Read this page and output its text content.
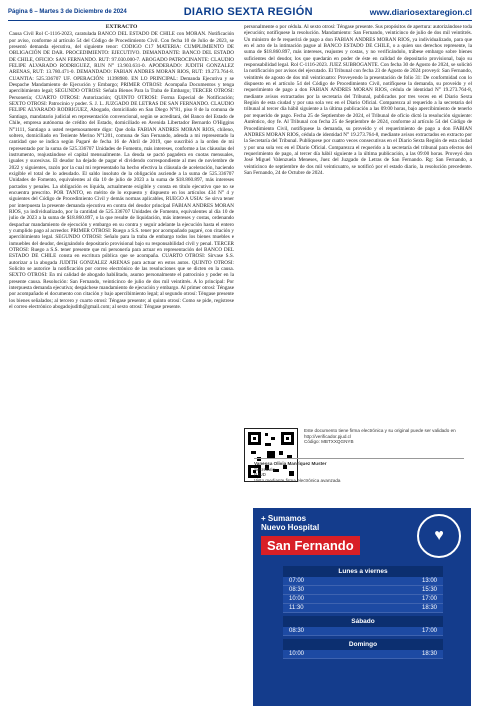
Página 6 – Martes 3 de Diciembre de 2024	DIARIO SEXTA REGIÓN	www.diariosextaregion.cl
EXTRACTO

Causa Civil Rol C-1116-2023, caratulada BANCO DEL ESTADO DE CHILE con MORAN. Notificación por aviso, conforme al artículo 54 del Código de Procedimiento Civil. Con fecha 10 de Julio de 2023, se presentó demanda ejecutiva, del siguiente tenor: CODIGO C17 MATERIA: CUMPLIMIENTO DE OBLIGACIÓN DE DAR. PROCEDIMIENTO: EJECUTIVO. DEMANDANTE: BANCO DEL ESTADO DE CHILE, OFICIO: SAN FERNANDO. RUT: 97.030.000-7. ABOGADO PATROCINANTE: CLAUDIO FELIPE ALVARADO RODRIGUEZ, RUN N° 13.903.631-0. APODERADO: JUDITH GONZALEZ ARENAS, RUT: 13.780.471-0. DEMANDADO: FABIAN ANDRES MORAN RIOS, RUT: 19.273.764-8. CUANTIA: 525.336707 UF. OPERACIÓN: 11398980. EN LO PRINCIPAL: Demanda Ejecutiva y se Despache Mandamiento de Ejecución y Embargo; PRIMER OTROSI: Acompaña Documentos y tenga apercibimiento legal; SEGUNDO OTROSI: Señala Bienes Para la Traba de Embargo; TERCER OTROSI: Personería; CUARTO OTROSI: Autorización; QUINTO OTROSI: Forma Especial de Notificación; SEXTO OTROSI: Patrocinio y poder. S. J. L. JUZGADO DE LETRAS DE SAN FERNANDO. CLAUDIO FELIPE ALVARADO RODRIGUEZ, Abogado, domiciliado en San Diego N°81, piso 8 de la comuna de Santiago, mandatario judicial en representación convencional, según se acreditará, del Banco del Estado de Chile, empresa autónoma de crédito del Estado, domiciliado en Avenida Libertador Bernardo O'Higgins N°1111, Santiago a usted respetuosamente digo: Que doña FABIAN ANDRES MORAN RIOS, chileno, soltero, domiciliado en Teniente Merino N°1201, comuna de San Fernando, adeuda a mi representado la cantidad que se indica según Pagaré de fecha 16 de Abril de 2019, que suscribió a la orden de mi representado por la suma de 525.336707 Unidades de Fomento, más intereses, conforme a las cláusulas del instrumento, reajustándose el capital mensualmente. La deuda se pactó pagadera en cuotas mensuales, iguales y sucesivas. El deudor ha dejado de pagar el dividendo correspondiente al mes de noviembre de 2022 y siguientes, razón por la cual mi representado ha hecho efectiva la cláusula de aceleración, haciendo exigible el total de lo adeudado. El saldo insoluto de la obligación asciende a la suma de 525.336707 Unidades de Fomento, equivalentes al día 10 de julio de 2023 a la suma de $18.860.897, más intereses pactados y penales. La obligación es líquida, actualmente exigible y consta en título ejecutivo que no se encuentra prescrito. POR TANTO, en mérito de lo expuesto y dispuesto en los artículos 434 N° 4 y siguientes del Código de Procedimiento Civil y demás normas aplicables, RUEGO A USIA: Se sirva tener por interpuesta la presente demanda ejecutiva en contra del deudor principal FABIAN ANDRES MORAN RIOS, ya individualizado, por la cantidad de 525.336707 Unidades de Fomento, equivalentes al día 10 de julio de 2023 a la suma de $18.860.897, o la que resulte de liquidación, más intereses y costas, ordenando despachar mandamiento de ejecución y embargo en su contra y seguir adelante la ejecución hasta el entero y cumplido pago al acreedor. PRIMER OTROSI: Ruego a S.S. tener por acompañado pagaré, con citación y apercibimiento legal. SEGUNDO OTROSI: Señalo para la traba de embargo todos los bienes muebles e inmuebles del deudor, designándolo depositario provisional bajo su responsabilidad civil y penal. TERCER OTROSI: Ruego a S.S. tener presente que mi personería para actuar en representación del BANCO DEL ESTADO DE CHILE consta en escritura pública que se acompaña. CUARTO OTROSI: Sírvase S.S. autorizar a la abogada JUDITH GONZALEZ ARENAS para actuar en estos autos. QUINTO OTROSI: Solicito se autorice la notificación por correo electrónico de las resoluciones que se dicten en la causa. SEXTO OTROSI: En mi calidad de abogado habilitado, asumo personalmente el patrocinio y poder en la presente causa. Resolución: San Fernando, veinticinco de julio de dos mil veintitrés. A lo principal: Por interpuesta demanda ejecutiva; despáchese mandamiento de ejecución y embargo. Al primer otrosí: Téngase por acompañado el documento con citación y bajo apercibimiento legal; al segundo otrosí: Téngase presente los bienes señalados; al tercero y cuarto otrosí: Téngase presente; al quinto otrosí: Como se pide, regístrese el correo electrónico abogadojudith@gmail.com; al sexto otrosí: Téngase presente.

personalmente o por cédula. Al sexto otrosí: Téngase presente. Sus propósitos de apertura: autorizándose toda ejecución; notifíquese la resolución. Mandamiento: San Fernando, veinticinco de julio de dos mil veintitrés. Un ministro de fe requerirá de pago a don FABIAN ANDRES MORAN RIOS, ya individualizado, para que en el acto de la intimación pague al BANCO ESTADO DE CHILE, o a quien sus derechos represente, la suma de $18.860.897, más intereses, reajustes y costas, y no verificándolo, trábese embargo sobre bienes suficientes del deudor, los que quedarán en poder de éste en calidad de depositario provisional, bajo su responsabilidad legal. Rol C-1116-2023. JUEZ SUBROGANTE. Con fecha 30 de Agosto de 2024, se solicitó la notificación por avisos del ejecutado. El Tribunal con fecha 23 de Agosto de 2024 proveyó: San Fernando, veintitrés de agosto de dos mil veinticuatro: Proveyendo la presentación de folio 31: De conformidad con lo dispuesto en el artículo 54 del Código de Procedimiento Civil, notifíquese la demanda, su proveído y el requerimiento de pago a don FABIAN ANDRES MORAN RIOS, cédula de identidad N° 19.273.764-8, mediante avisos extractados por la secretaria del Tribunal, publicados por tres veces en el Diario Sexta Región de esta ciudad y por una sola vez en el Diario Oficial. Comparezca al requerido a la secretaria del tribunal al tercer día hábil siguiente a la última publicación a las 09:00 horas, bajo apercibimiento de tenerlo por requerido de pago. Fecha 25 de Septiembre de 2024, el Tribunal de oficio dictó la resolución siguiente: Auténtico, doy fe. Al Tribunal con fecha 25 de Septiembre de 2024, conforme al artículo 54 del Código de Procedimiento Civil, notifíquese la demanda, su proveído y el requerimiento de pago a don FABIAN ANDRES MORAN RIOS, cédula de identidad N° 19.273.764-8, mediante avisos extractados en extracto por la Secretaría del Tribunal. Publíquese por cuatro veces consecutivas en el Diario Sexta Región de esta ciudad y por una sola vez en el Diario Oficial. Comparezca el requerido a la secretaría del tribunal para efectos del requerimiento de pago, al tercer día hábil siguiente a la última publicación, a las 09:00 horas. Proveyó don José Miguel Valenzuela Meneses, Juez del Juzgado de Letras de San Fernando. Rg: San Fernando, a veinticinco de septiembre de dos mil veinticuatro, se notificó por el estado diario, la resolución precedente. San Fernando, 24 de Octubre de 2024.

Este documento tiene firma electrónica y su original puede ser validado en http://verificador.pjud.cl
Código: MBTXXQGNYB
Vanessa Olivia Manríquez Muster
Secretario
PJUD
Visto mediante firma electrónica avanzada
+ Sumamos
Nuevo Hospital	♥
San Fernando
Lunes a viernes
07:00	13:00
08:30	15:30
10:00	17:00
11:30	18:30
Sábado
08:30	17:00
Domingo
10:00	18:30
